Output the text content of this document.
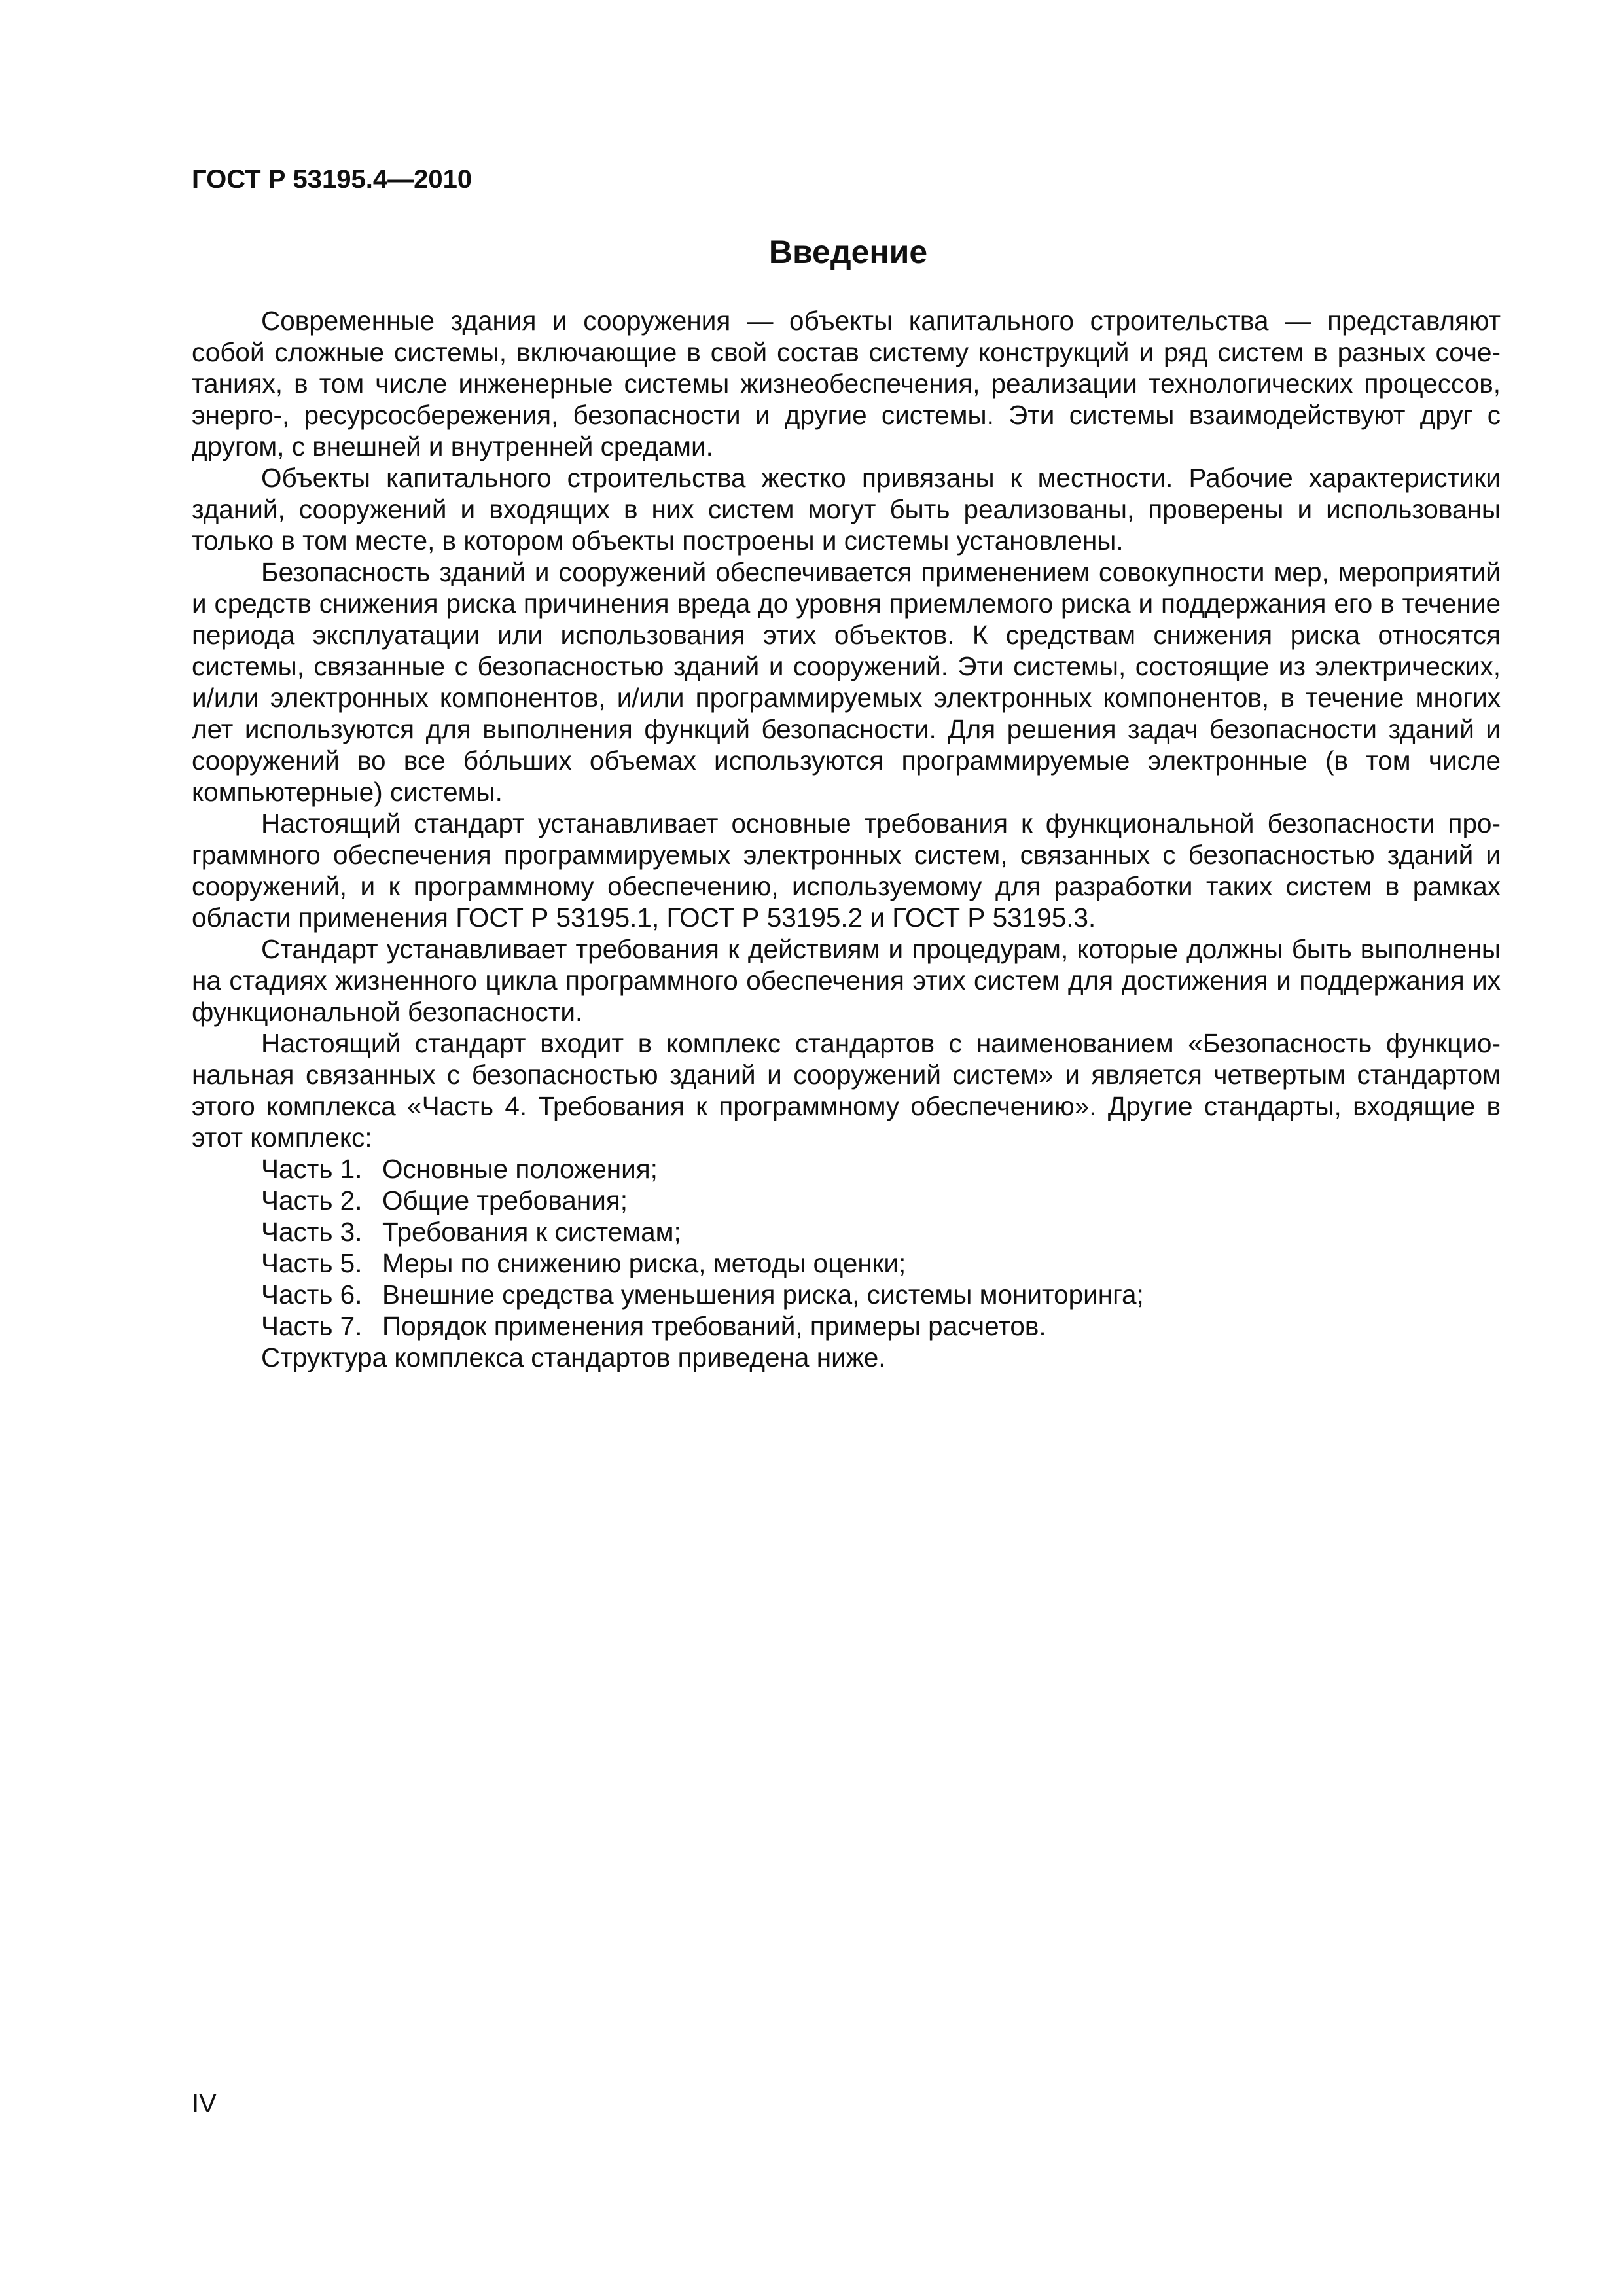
ГОСТ Р 53195.4—2010
Введение

Современные здания и сооружения — объекты капитального строительства — представляют собой сложные системы, включающие в свой состав систему конструкций и ряд систем в разных сочетаниях, в том числе инженерные системы жизнеобеспечения, реализации технологических процессов, энерго-, ресурсосбережения, безопасности и другие системы. Эти системы взаимодействуют друг с другом, с внешней и внутренней средами.

Объекты капитального строительства жестко привязаны к местности. Рабочие характеристики зданий, сооружений и входящих в них систем могут быть реализованы, проверены и использованы только в том месте, в котором объекты построены и системы установлены.

Безопасность зданий и сооружений обеспечивается применением совокупности мер, мероприятий и средств снижения риска причинения вреда до уровня приемлемого риска и поддержания его в течение периода эксплуатации или использования этих объектов. К средствам снижения риска относятся системы, связанные с безопасностью зданий и сооружений. Эти системы, состоящие из электрических, и/или электронных компонентов, и/или программируемых электронных компонентов, в течение многих лет используются для выполнения функций безопасности. Для решения задач безопасности зданий и сооружений во все бо́льших объемах используются программируемые электронные (в том числе компьютерные) системы.

Настоящий стандарт устанавливает основные требования к функциональной безопасности программного обеспечения программируемых электронных систем, связанных с безопасностью зданий и сооружений, и к программному обеспечению, используемому для разработки таких систем в рамках области применения ГОСТ Р 53195.1, ГОСТ Р 53195.2 и ГОСТ Р 53195.3.

Стандарт устанавливает требования к действиям и процедурам, которые должны быть выполнены на стадиях жизненного цикла программного обеспечения этих систем для достижения и поддержания их функциональной безопасности.

Настоящий стандарт входит в комплекс стандартов с наименованием «Безопасность функциональная связанных с безопасностью зданий и сооружений систем» и является четвертым стандартом этого комплекса «Часть 4. Требования к программному обеспечению». Другие стандарты, входящие в этот комплекс:

Часть 1. Основные положения;
Часть 2. Общие требования;
Часть 3. Требования к системам;
Часть 5. Меры по снижению риска, методы оценки;
Часть 6. Внешние средства уменьшения риска, системы мониторинга;
Часть 7. Порядок применения требований, примеры расчетов.

Структура комплекса стандартов приведена ниже.

IV
